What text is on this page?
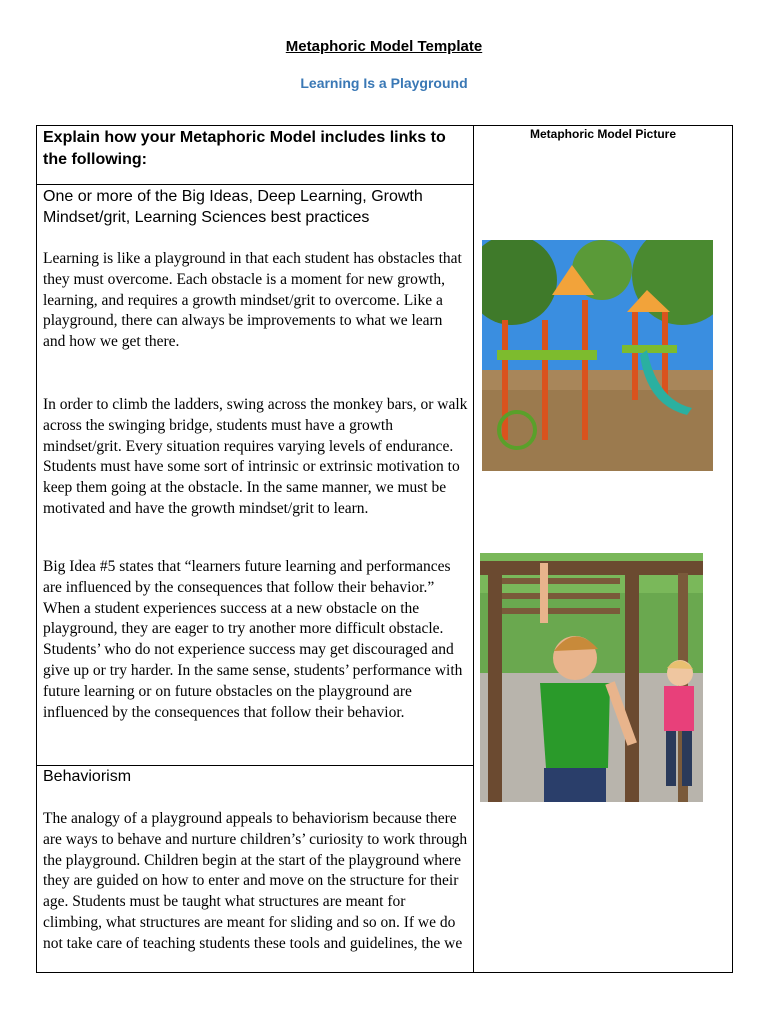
Metaphoric Model Template
Learning Is a Playground
Explain how your Metaphoric Model includes links to the following:
Metaphoric Model Picture
One or more of the Big Ideas, Deep Learning, Growth Mindset/grit, Learning Sciences best practices

Learning is like a playground in that each student has obstacles that they must overcome. Each obstacle is a moment for new growth, learning, and requires a growth mindset/grit to overcome. Like a playground, there can always be improvements to what we learn and how we get there.

In order to climb the ladders, swing across the monkey bars, or walk across the swinging bridge, students must have a growth mindset/grit. Every situation requires varying levels of endurance. Students must have some sort of intrinsic or extrinsic motivation to keep them going at the obstacle. In the same manner, we must be motivated and have the growth mindset/grit to learn.

Big Idea #5 states that “learners future learning and performances are influenced by the consequences that follow their behavior.” When a student experiences success at a new obstacle on the playground, they are eager to try another more difficult obstacle. Students’ who do not experience success may get discouraged and give up or try harder. In the same sense, students’ performance with future learning or on future obstacles on the playground are influenced by the consequences that follow their behavior.

Behaviorism

The analogy of a playground appeals to behaviorism because there are ways to behave and nurture children’s’ curiosity to work through the playground. Children begin at the start of the playground where they are guided on how to enter and move on the structure for their age. Students must be taught what structures are meant for climbing, what structures are meant for sliding and so on. If we do not take care of teaching students these tools and guidelines, the we
